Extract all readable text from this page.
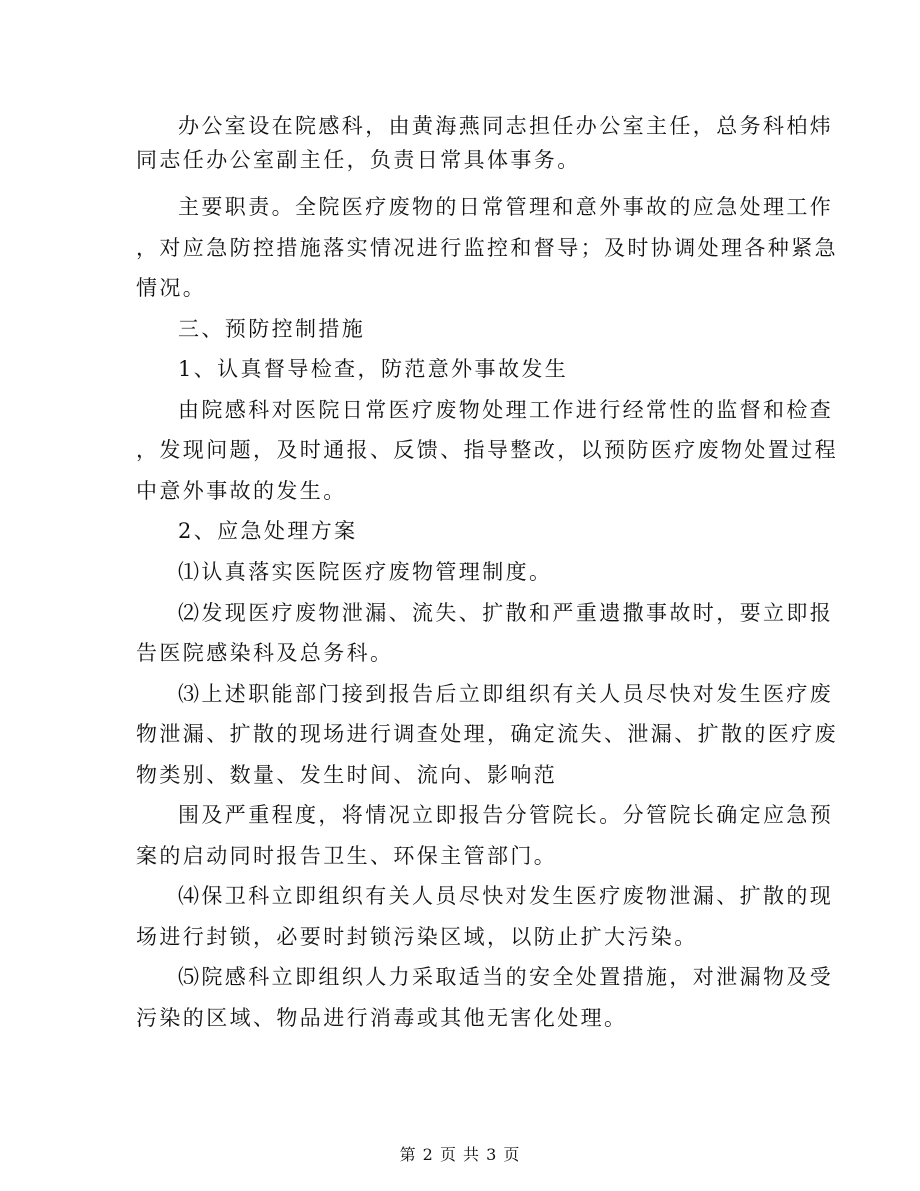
办公室设在院感科，由黄海燕同志担任办公室主任，总务科柏炜
同志任办公室副主任，负责日常具体事务。
主要职责。全院医疗废物的日常管理和意外事故的应急处理工作
，对应急防控措施落实情况进行监控和督导；及时协调处理各种紧急
情况。
三、预防控制措施
1、认真督导检查，防范意外事故发生
由院感科对医院日常医疗废物处理工作进行经常性的监督和检查
，发现问题，及时通报、反馈、指导整改，以预防医疗废物处置过程
中意外事故的发生。
2、应急处理方案
⑴认真落实医院医疗废物管理制度。
⑵发现医疗废物泄漏、流失、扩散和严重遗撒事故时，要立即报
告医院感染科及总务科。
⑶上述职能部门接到报告后立即组织有关人员尽快对发生医疗废
物泄漏、扩散的现场进行调查处理，确定流失、泄漏、扩散的医疗废
物类别、数量、发生时间、流向、影响范
围及严重程度，将情况立即报告分管院长。分管院长确定应急预
案的启动同时报告卫生、环保主管部门。
⑷保卫科立即组织有关人员尽快对发生医疗废物泄漏、扩散的现
场进行封锁，必要时封锁污染区域，以防止扩大污染。
⑸院感科立即组织人力采取适当的安全处置措施，对泄漏物及受
污染的区域、物品进行消毒或其他无害化处理。
第 2 页 共 3 页
